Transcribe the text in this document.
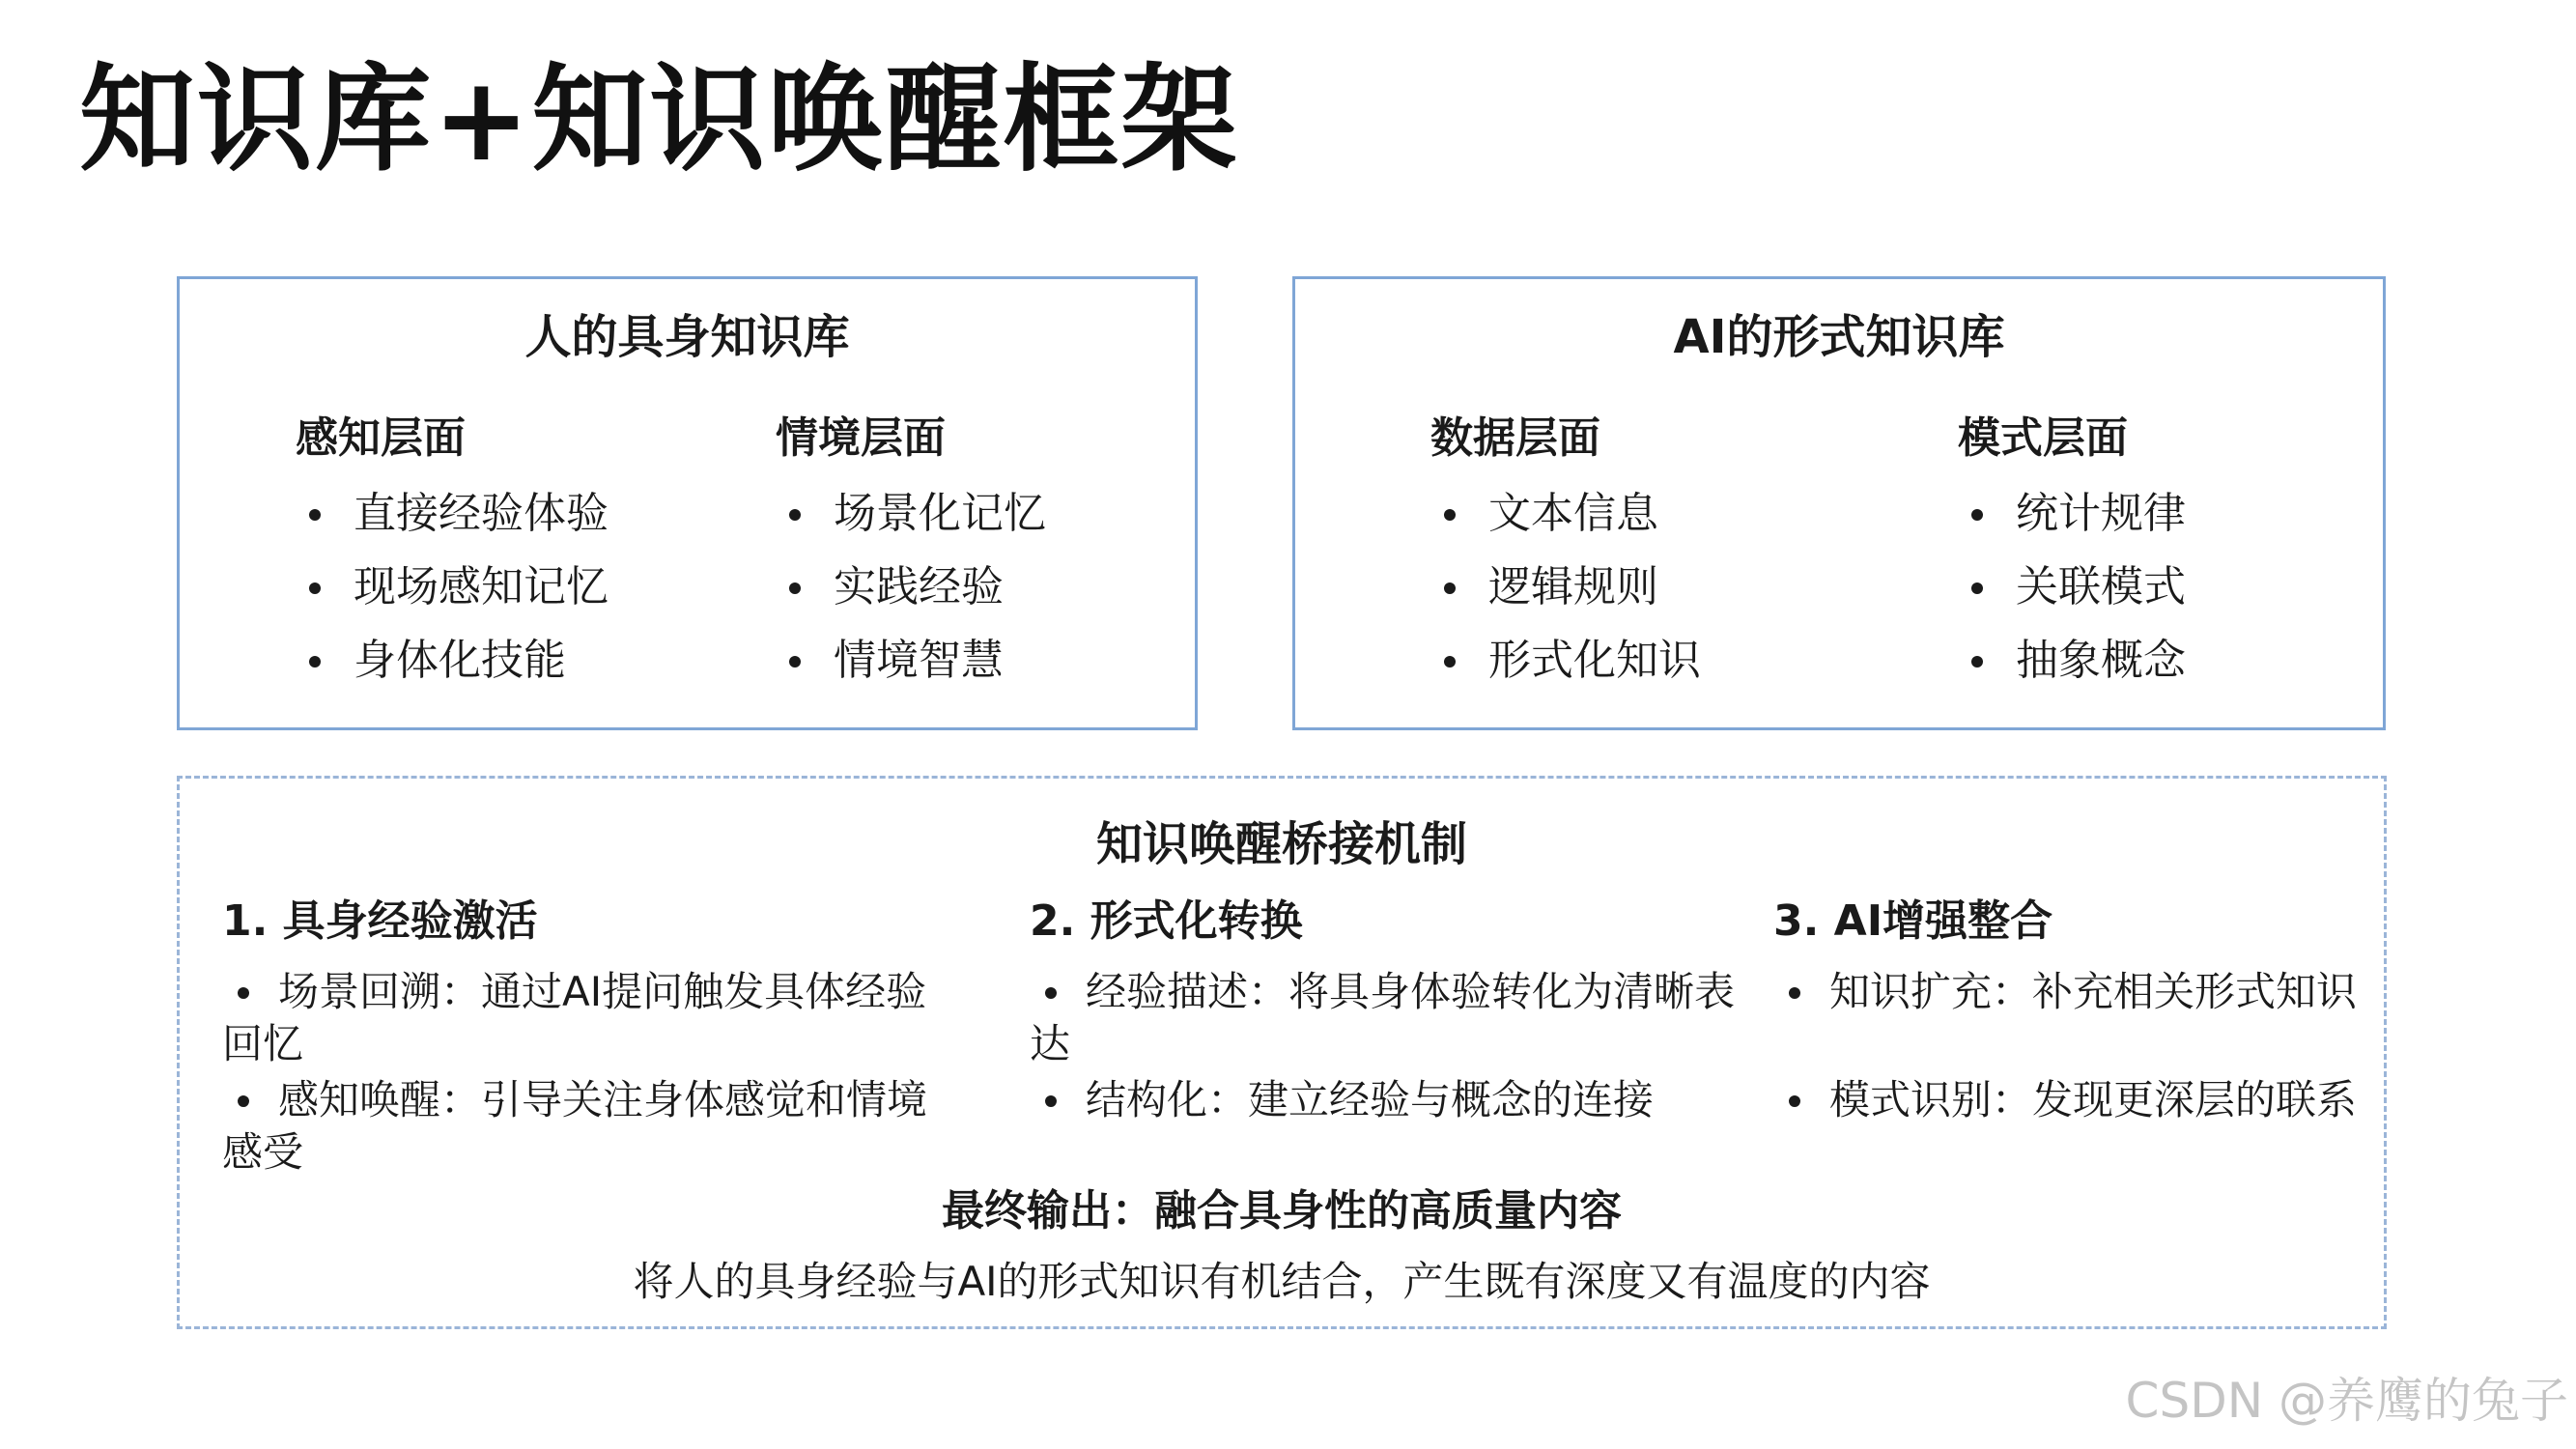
知识库+知识唤醒框架
人的具身知识库
感知层面
直接经验体验
现场感知记忆
身体化技能
情境层面
场景化记忆
实践经验
情境智慧
AI的形式知识库
数据层面
文本信息
逻辑规则
形式化知识
模式层面
统计规律
关联模式
抽象概念
知识唤醒桥接机制
1. 具身经验激活
场景回溯：通过AI提问触发具体经验回忆
感知唤醒：引导关注身体感觉和情境感受
2. 形式化转换
经验描述：将具身体验转化为清晰表达
结构化：建立经验与概念的连接
3. AI增强整合
知识扩充：补充相关形式知识
模式识别：发现更深层的联系
最终输出：融合具身性的高质量内容
将人的具身经验与AI的形式知识有机结合，产生既有深度又有温度的内容
CSDN @养鹰的兔子
